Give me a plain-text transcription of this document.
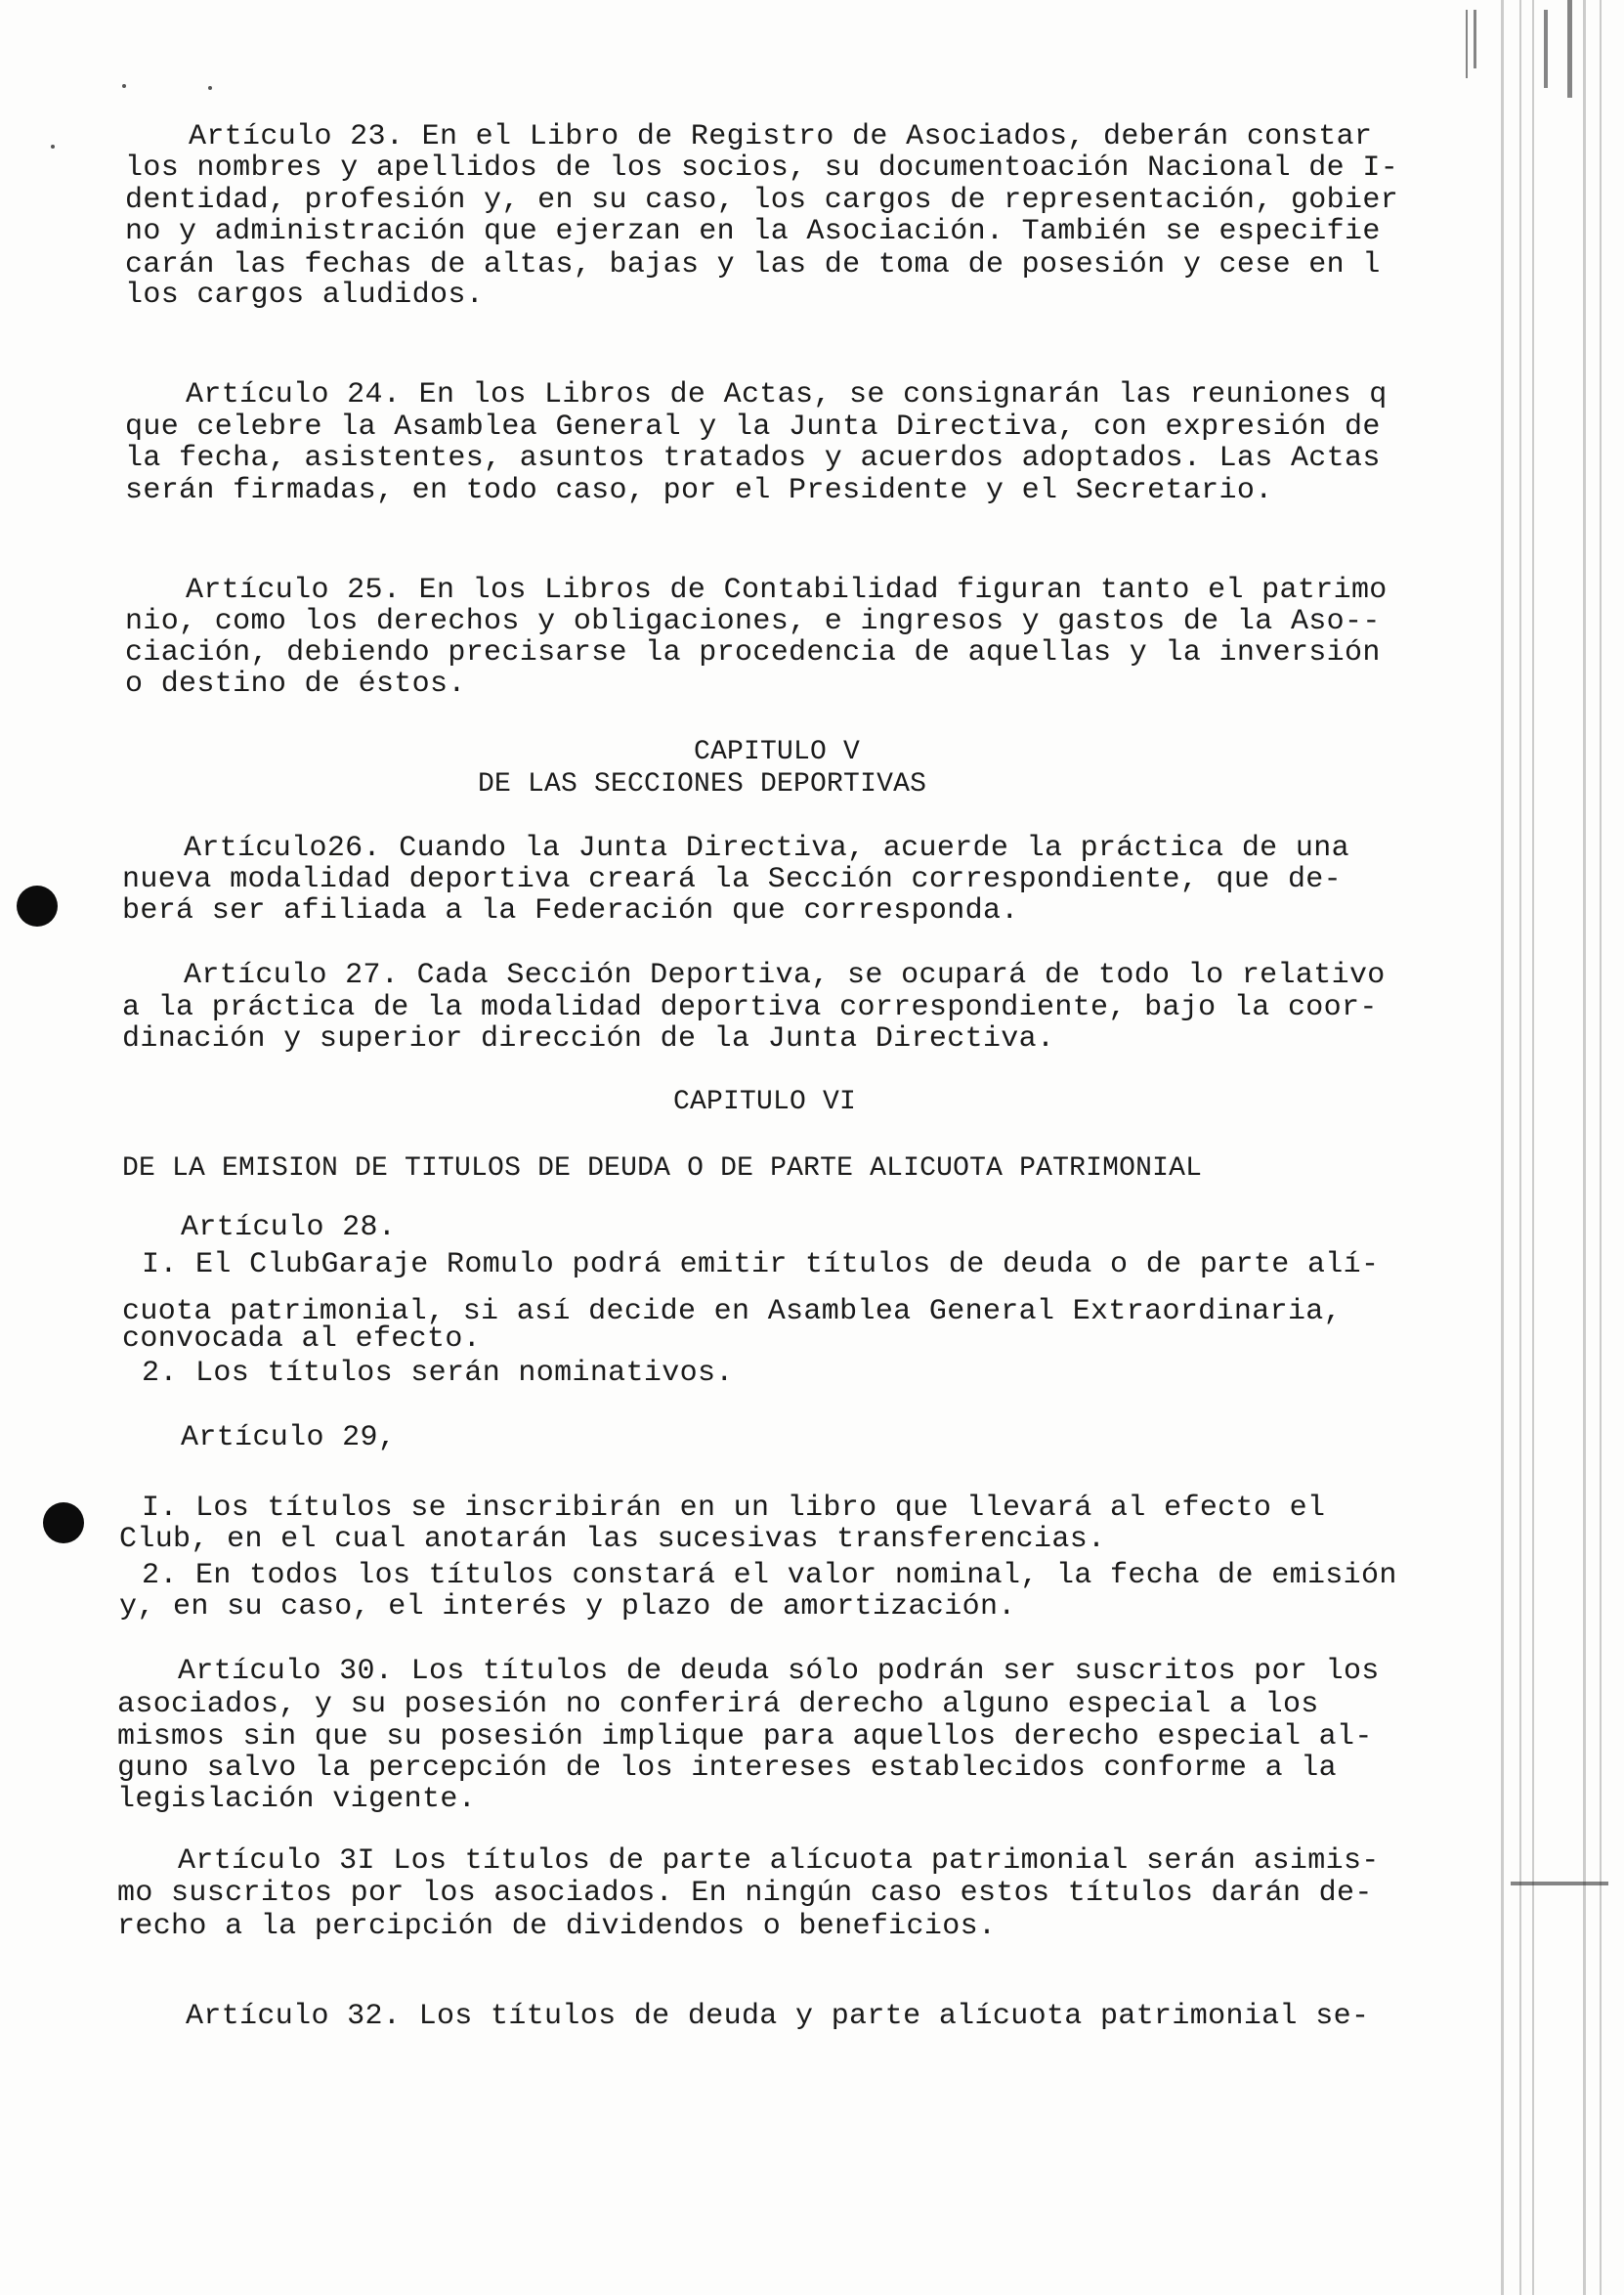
Artículo 23. En el Libro de Registro de Asociados, deberán constar
los nombres y apellidos de los socios, su documentoación Nacional de I-
dentidad, profesión y, en su caso, los cargos de representación, gobier
no y administración que ejerzan en la Asociación. También se especifie
carán las fechas de altas, bajas y las de toma de posesión y cese en l
los cargos aludidos.
Artículo 24. En los Libros de Actas, se consignarán las reuniones q
que celebre la Asamblea General y la Junta Directiva, con expresión de
la fecha, asistentes, asuntos tratados y acuerdos adoptados. Las Actas
serán firmadas, en todo caso, por el Presidente y el Secretario.
Artículo 25. En los Libros de Contabilidad figuran tanto el patrimo
nio, como los derechos y obligaciones, e ingresos y gastos de la Aso--
ciación, debiendo precisarse la procedencia de aquellas y la inversión
o destino de éstos.
CAPITULO V
DE LAS SECCIONES DEPORTIVAS
Artículo26. Cuando la Junta Directiva, acuerde la práctica de una
nueva modalidad deportiva creará la Sección correspondiente, que de-
berá ser afiliada a la Federación que corresponda.
Artículo 27. Cada Sección Deportiva, se ocupará de todo lo relativo
a la práctica de la modalidad deportiva correspondiente, bajo la coor-
dinación y superior dirección de la Junta Directiva.
CAPITULO VI
DE LA EMISION DE TITULOS DE DEUDA O DE PARTE ALICUOTA PATRIMONIAL
Artículo 28.
I. El ClubGaraje Romulo podrá emitir títulos de deuda o de parte alí-
cuota patrimonial, si así decide en Asamblea General Extraordinaria,
convocada al efecto.
2. Los títulos serán nominativos.
Artículo 29,
I. Los títulos se inscribirán en un libro que llevará al efecto el
Club, en el cual anotarán las sucesivas transferencias.
2. En todos los títulos constará el valor nominal, la fecha de emisión
y, en su caso, el interés y plazo de amortización.
Artículo 30. Los títulos de deuda sólo podrán ser suscritos por los
asociados, y su posesión no conferirá derecho alguno especial a los
mismos sin que su posesión implique para aquellos derecho especial al-
guno salvo la percepción de los intereses establecidos conforme a la
legislación vigente.
Artículo 3I Los títulos de parte alícuota patrimonial serán asimis-
mo suscritos por los asociados. En ningún caso estos títulos darán de-
recho a la percipción de dividendos o beneficios.
Artículo 32. Los títulos de deuda y parte alícuota patrimonial se-
